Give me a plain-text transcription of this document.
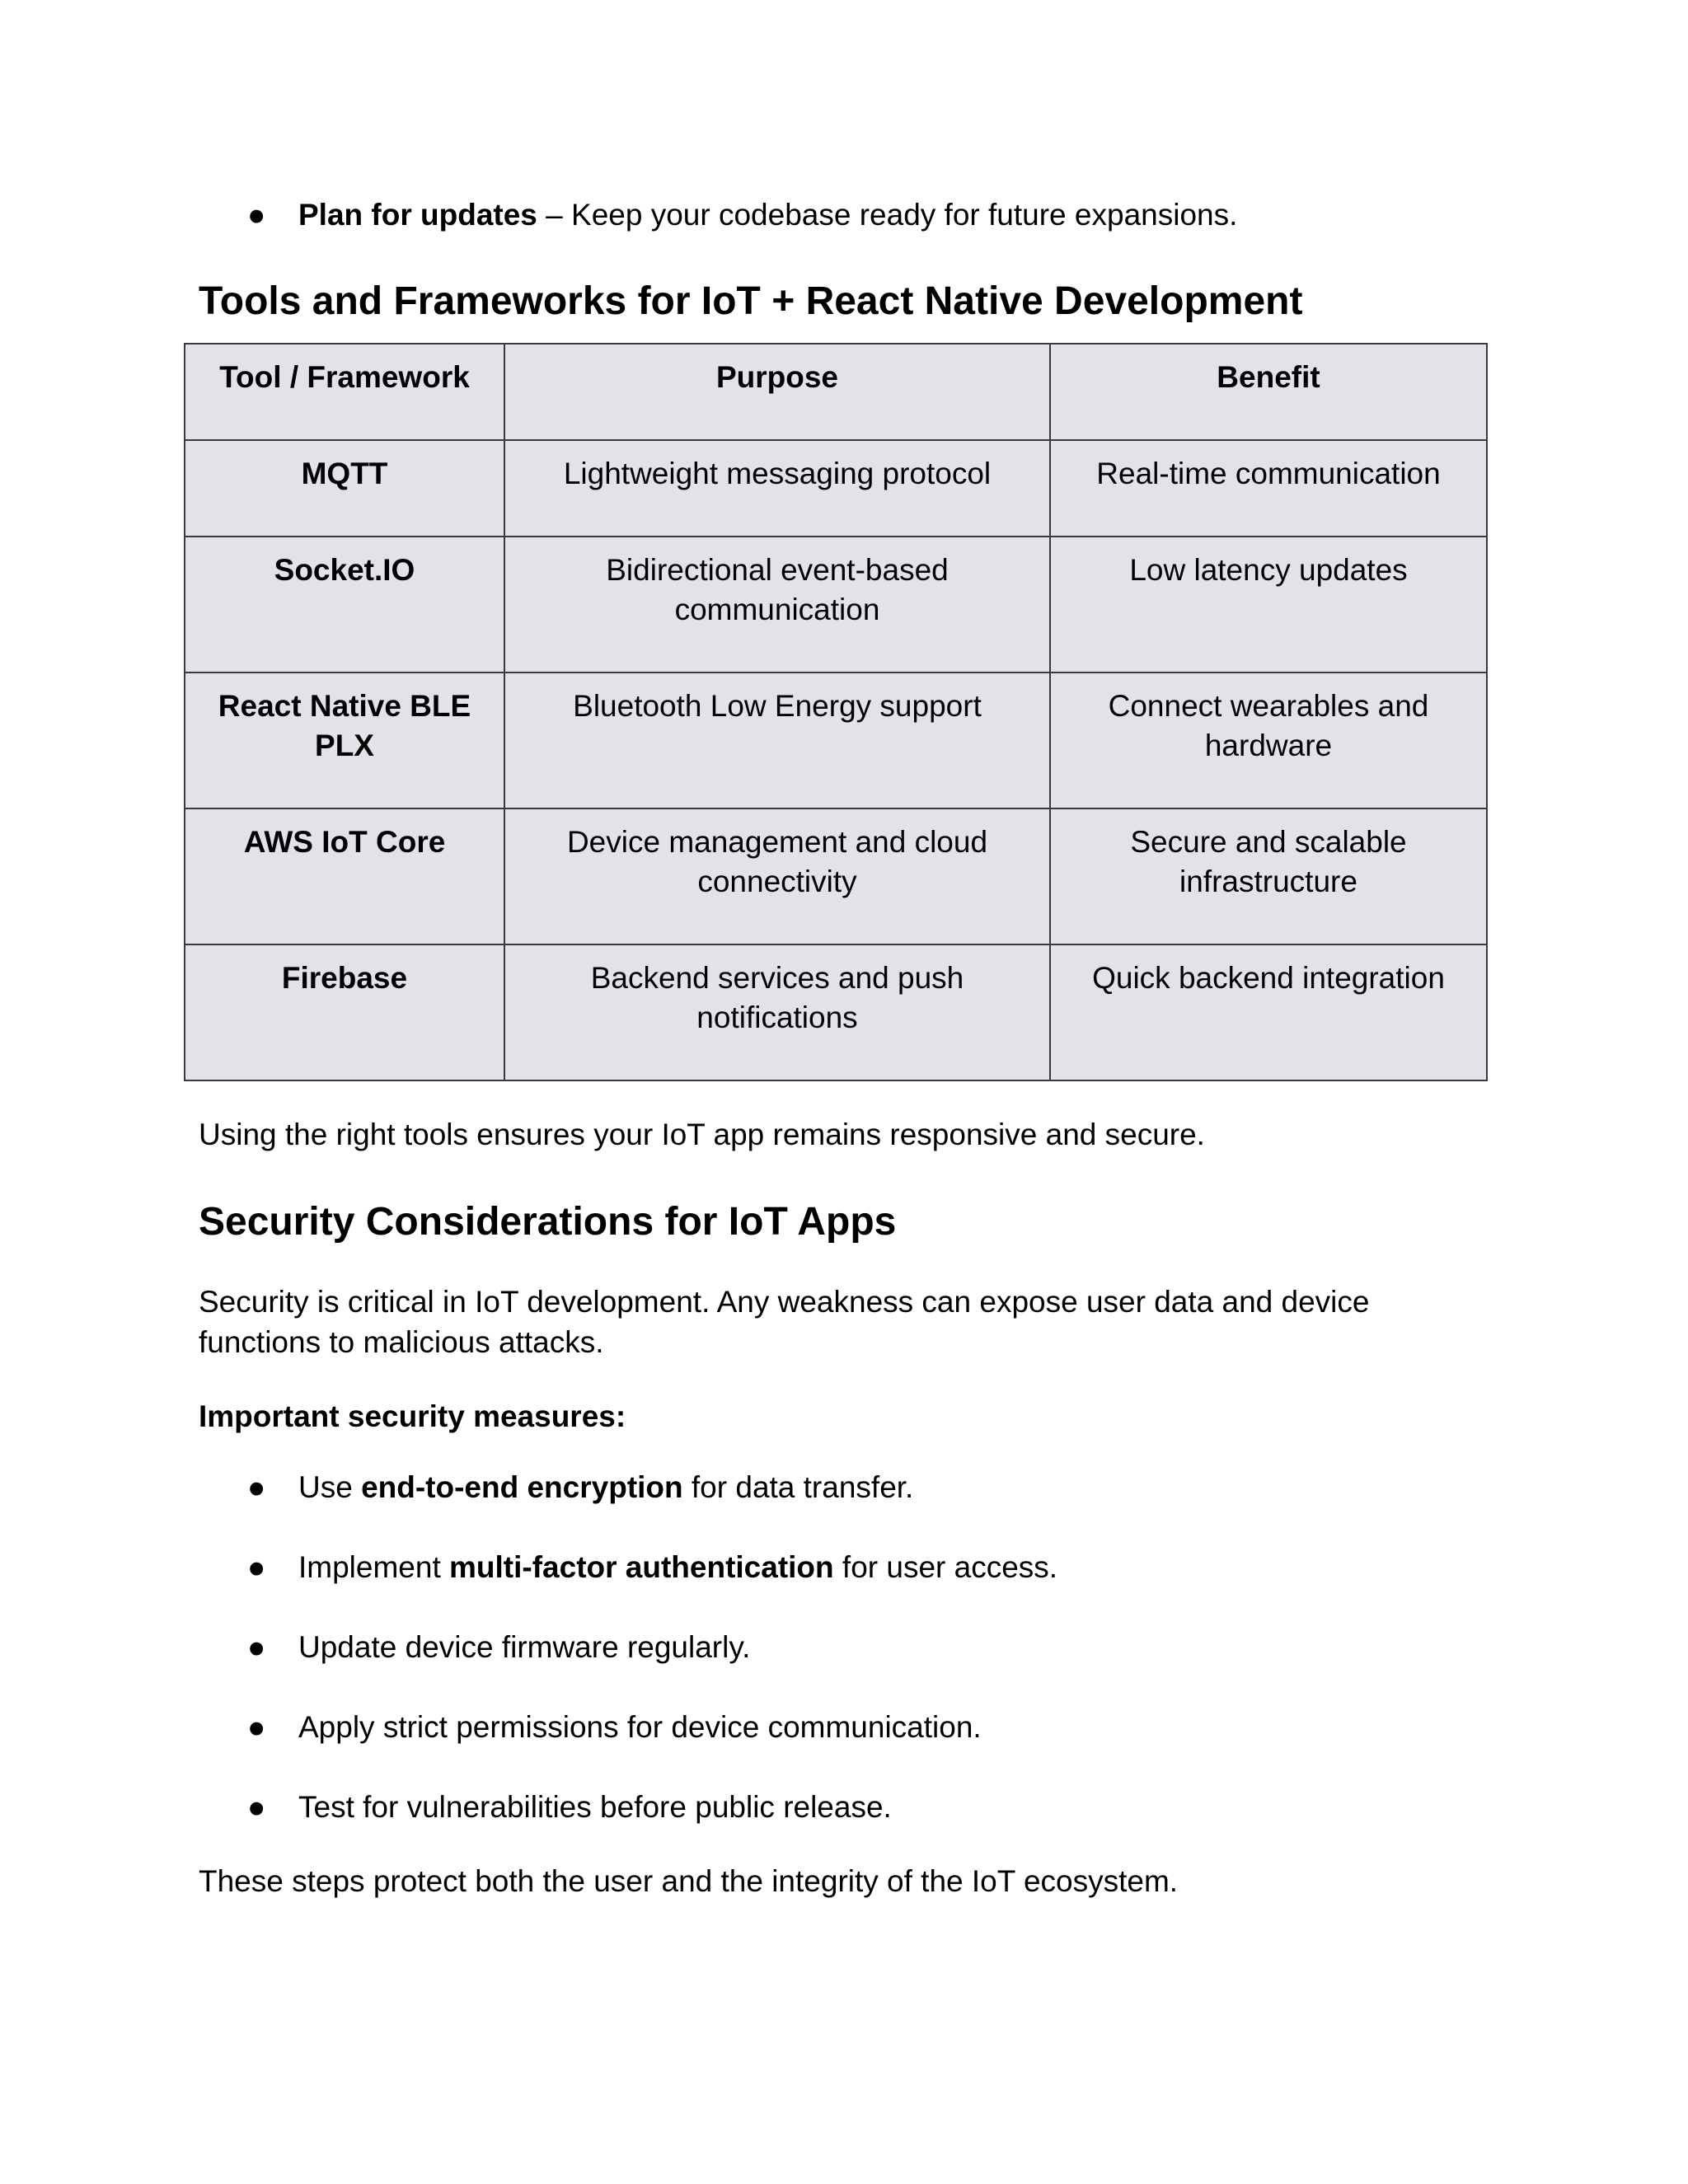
●	Plan for updates – Keep your codebase ready for future expansions.
Tools and Frameworks for IoT + React Native Development
Tool / Framework	Purpose	Benefit
MQTT	Lightweight messaging protocol	Real-time communication
Socket.IO	Bidirectional event-based communication	Low latency updates
React Native BLE PLX	Bluetooth Low Energy support	Connect wearables and hardware
AWS IoT Core	Device management and cloud connectivity	Secure and scalable infrastructure
Firebase	Backend services and push notifications	Quick backend integration
Using the right tools ensures your IoT app remains responsive and secure.
Security Considerations for IoT Apps
Security is critical in IoT development. Any weakness can expose user data and device functions to malicious attacks.
Important security measures:
●	Use end-to-end encryption for data transfer.
●	Implement multi-factor authentication for user access.
●	Update device firmware regularly.
●	Apply strict permissions for device communication.
●	Test for vulnerabilities before public release.
These steps protect both the user and the integrity of the IoT ecosystem.
